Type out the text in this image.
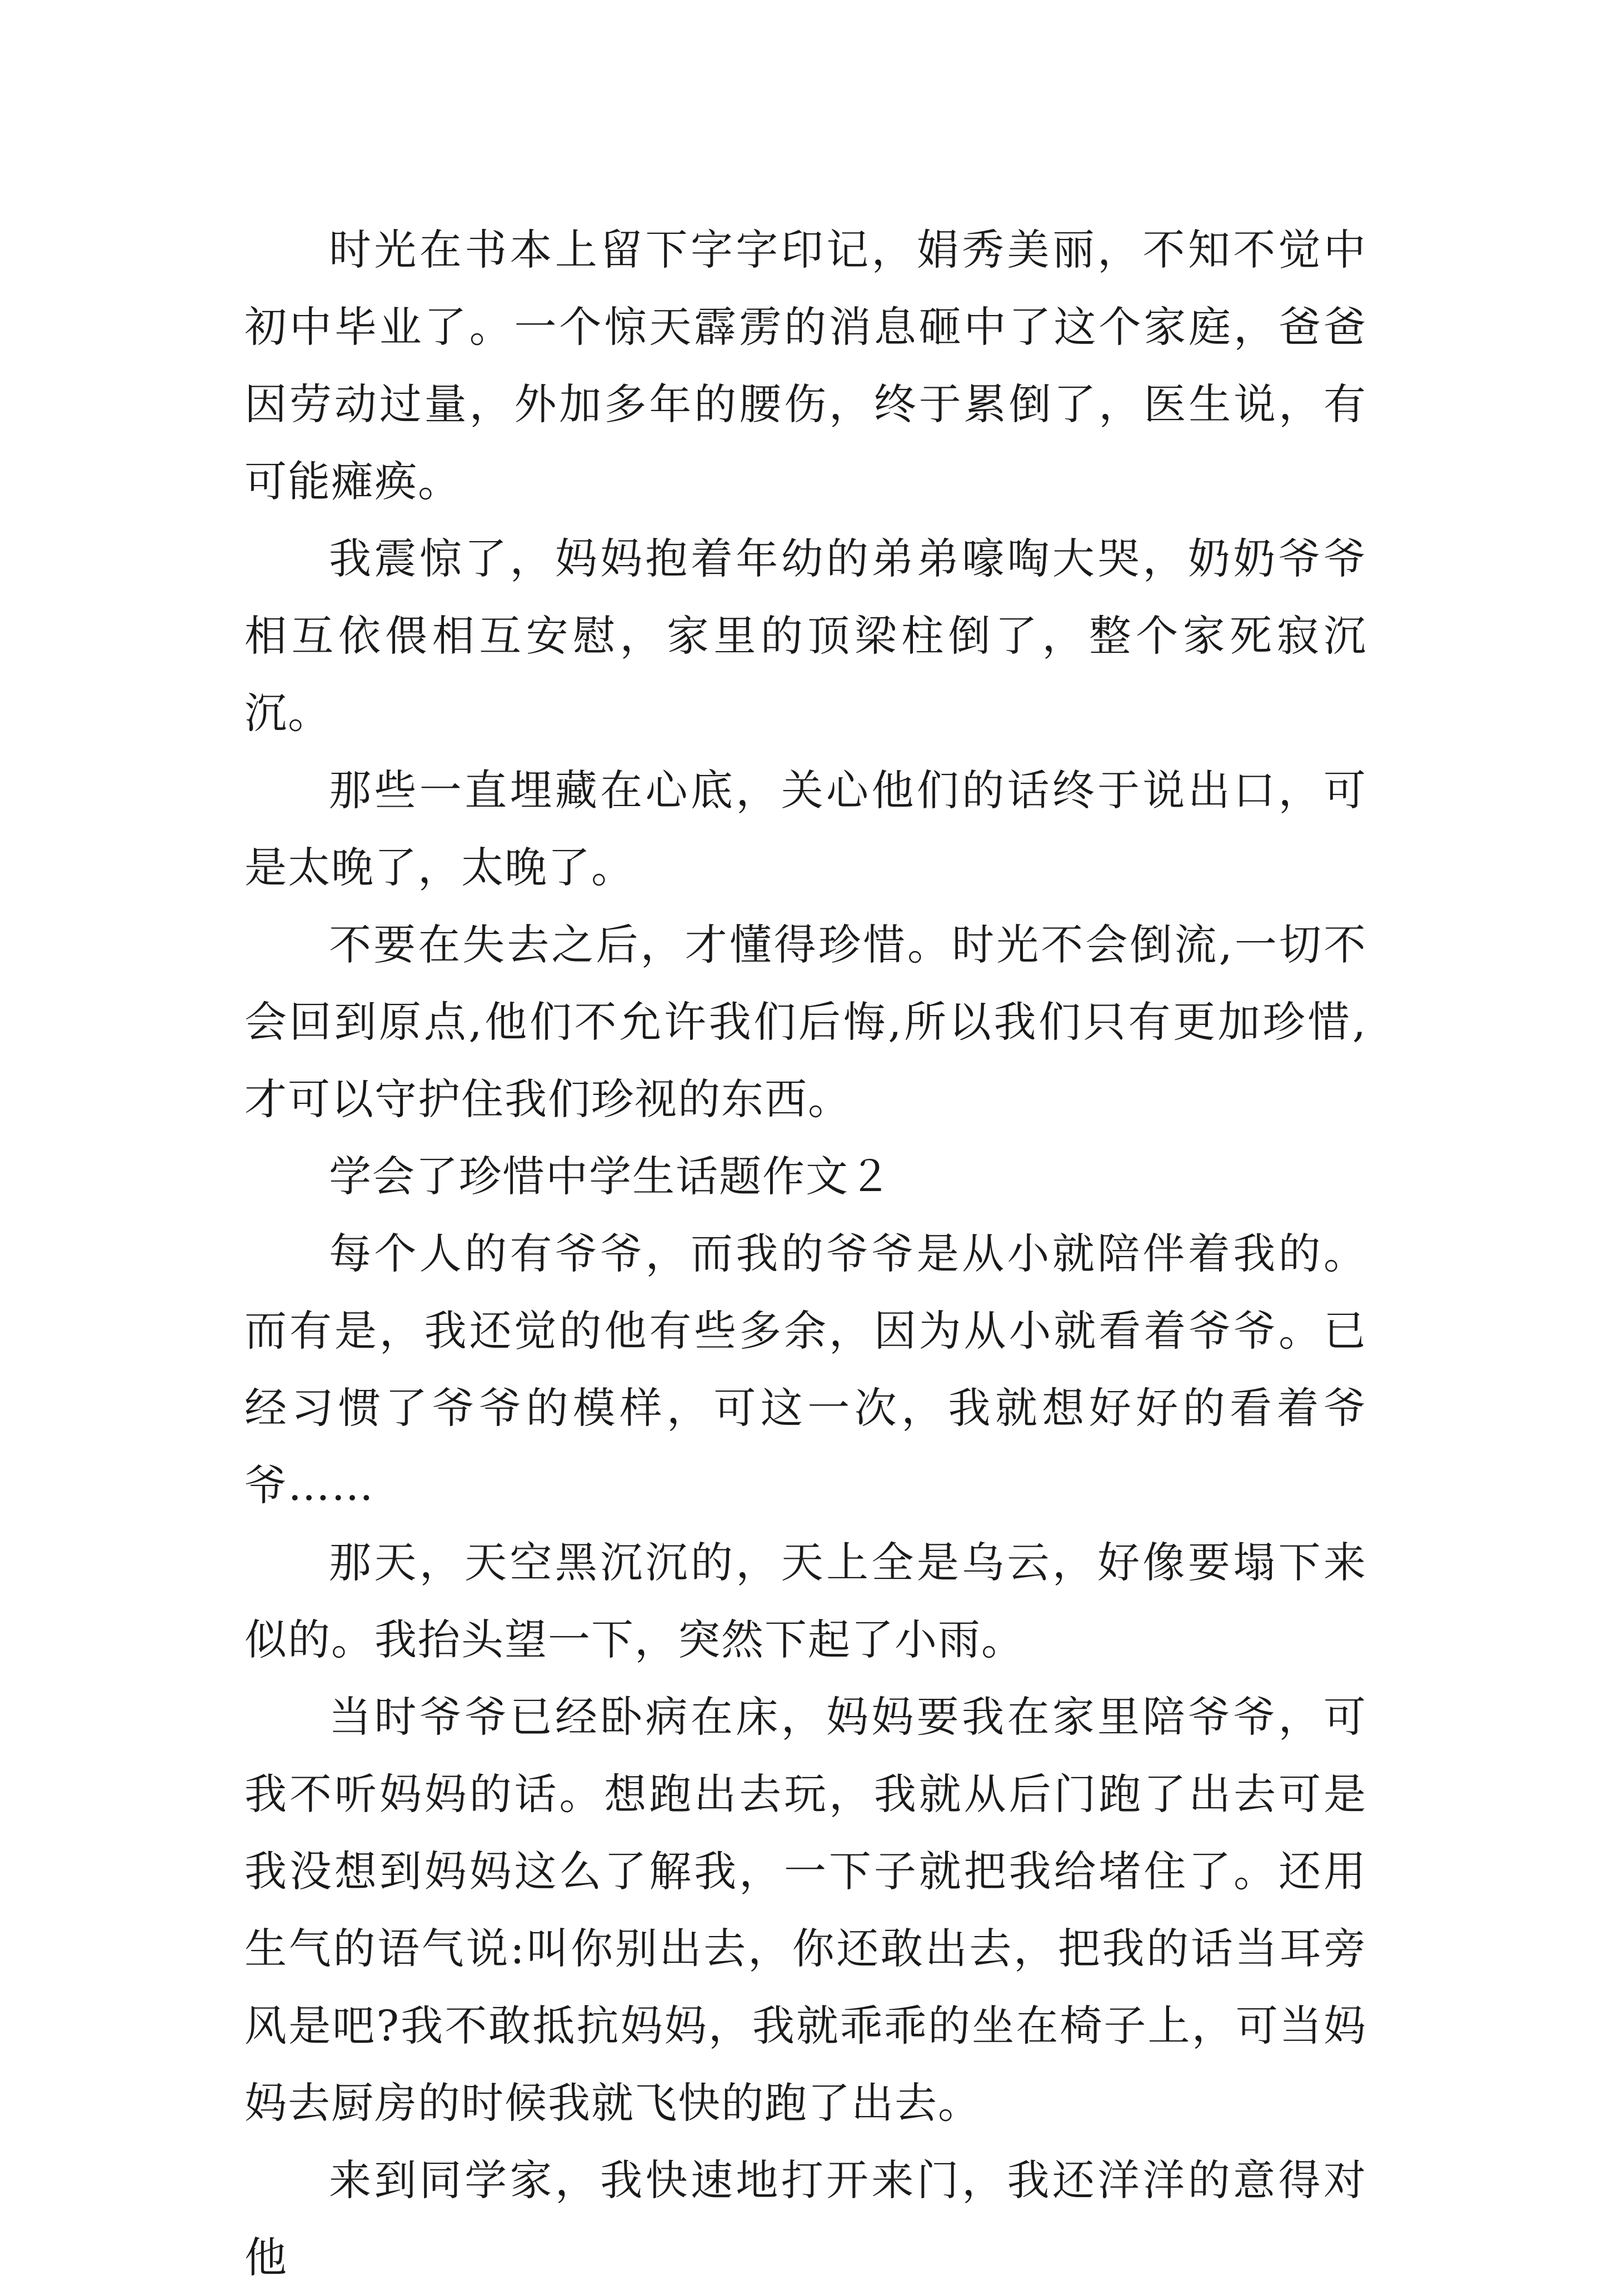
时光在书本上留下字字印记，娟秀美丽，不知不觉中初中毕业了。一个惊天霹雳的消息砸中了这个家庭，爸爸因劳动过量，外加多年的腰伤，终于累倒了，医生说，有可能瘫痪。

我震惊了，妈妈抱着年幼的弟弟嚎啕大哭，奶奶爷爷相互依偎相互安慰，家里的顶梁柱倒了，整个家死寂沉沉。

那些一直埋藏在心底，关心他们的话终于说出口，可是太晚了，太晚了。

不要在失去之后，才懂得珍惜。时光不会倒流,一切不会回到原点,他们不允许我们后悔,所以我们只有更加珍惜,才可以守护住我们珍视的东西。

学会了珍惜中学生话题作文２

每个人的有爷爷，而我的爷爷是从小就陪伴着我的。而有是，我还觉的他有些多余，因为从小就看着爷爷。已经习惯了爷爷的模样，可这一次，我就想好好的看着爷爷……

那天，天空黑沉沉的，天上全是乌云，好像要塌下来似的。我抬头望一下，突然下起了小雨。

当时爷爷已经卧病在床，妈妈要我在家里陪爷爷，可我不听妈妈的话。想跑出去玩，我就从后门跑了出去可是我没想到妈妈这么了解我，一下子就把我给堵住了。还用生气的语气说:叫你别出去，你还敢出去，把我的话当耳旁风是吧?我不敢抵抗妈妈，我就乖乖的坐在椅子上，可当妈妈去厨房的时候我就飞快的跑了出去。

来到同学家，我快速地打开来门，我还洋洋的意得对他
